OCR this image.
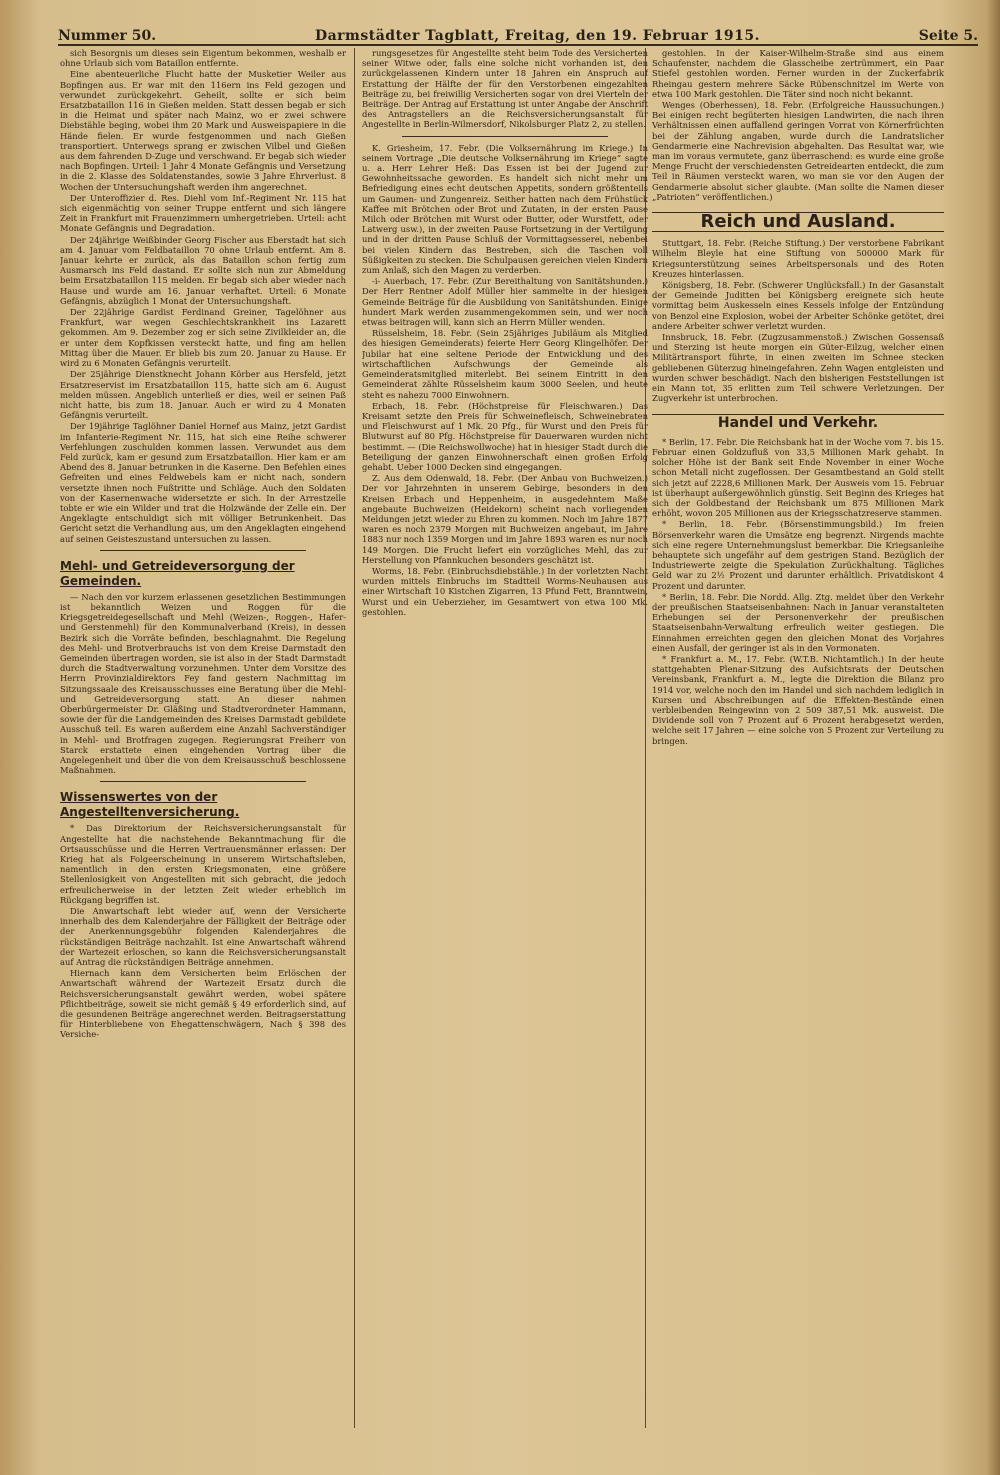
Nummer 50.	Darmstädter Tagblatt, Freitag, den 19. Februar 1915.	Seite 5.

sich Besorgnis um dieses sein Eigentum bekommen, weshalb er ohne Urlaub sich vom Bataillon entfernte.

Eine abenteuerliche Flucht hatte der Musketier Weiler aus Bopfingen aus. Er war mit den 116ern ins Feld gezogen und verwundet zurückgekehrt. Geheilt, sollte er sich beim Ersatzbataillon 116 in Gießen melden. Statt dessen begab er sich in die Heimat und später nach Mainz, wo er zwei schwere Diebstähle beging, wobei ihm 20 Mark und Ausweispapiere in die Hände fielen. Er wurde festgenommen und nach Gießen transportiert. Unterwegs sprang er zwischen Vilbel und Gießen aus dem fahrenden D-Zuge und verschwand. Er begab sich wieder nach Bopfingen. Urteil: 1 Jahr 4 Monate Gefängnis und Versetzung in die 2. Klasse des Soldatenstandes, sowie 3 Jahre Ehrverlust. 8 Wochen der Untersuchungshaft werden ihm angerechnet.

Der Unteroffizier d. Res. Diehl vom Inf.-Regiment Nr. 115 hat sich eigenmächtig von seiner Truppe entfernt und sich längere Zeit in Frankfurt mit Frauenzimmern umhergetrieben. Urteil: acht Monate Gefängnis und Degradation.

Der 24jährige Weißbinder Georg Fischer aus Eberstadt hat sich am 4. Januar vom Feldbataillon 70 ohne Urlaub entfernt. Am 8. Januar kehrte er zurück, als das Bataillon schon fertig zum Ausmarsch ins Feld dastand. Er sollte sich nun zur Abmeldung beim Ersatzbataillon 115 melden. Er begab sich aber wieder nach Hause und wurde am 16. Januar verhaftet. Urteil: 6 Monate Gefängnis, abzüglich 1 Monat der Untersuchungshaft.

Der 22jährige Gardist Ferdinand Greiner, Tagelöhner aus Frankfurt, war wegen Geschlechtskrankheit ins Lazarett gekommen. Am 9. Dezember zog er sich seine Zivilkleider an, die er unter dem Kopfkissen versteckt hatte, und fing am hellen Mittag über die Mauer. Er blieb bis zum 20. Januar zu Hause. Er wird zu 6 Monaten Gefängnis verurteilt.

Der 25jährige Dienstknecht Johann Körber aus Hersfeld, jetzt Ersatzreservist im Ersatzbataillon 115, hatte sich am 6. August melden müssen. Angeblich unterließ er dies, weil er seinen Paß nicht hatte, bis zum 18. Januar. Auch er wird zu 4 Monaten Gefängnis verurteilt.

Der 19jährige Taglöhner Daniel Hornef aus Mainz, jetzt Gardist im Infanterie-Regiment Nr. 115, hat sich eine Reihe schwerer Verfehlungen zuschulden kommen lassen. Verwundet aus dem Feld zurück, kam er gesund zum Ersatzbataillon. Hier kam er am Abend des 8. Januar betrunken in die Kaserne. Den Befehlen eines Gefreiten und eines Feldwebels kam er nicht nach, sondern versetzte ihnen noch Fußtritte und Schläge. Auch den Soldaten von der Kasernenwache widersetzte er sich. In der Arrestzelle tobte er wie ein Wilder und trat die Holzwände der Zelle ein. Der Angeklagte entschuldigt sich mit völliger Betrunkenheit. Das Gericht setzt die Verhandlung aus, um den Angeklagten eingehend auf seinen Geisteszustand untersuchen zu lassen.

Mehl- und Getreideversorgung der Gemeinden.

— Nach den vor kurzem erlassenen gesetzlichen Bestimmungen ist bekanntlich Weizen und Roggen für die Kriegsgetreidegesellschaft und Mehl (Weizen-, Roggen-, Hafer- und Gerstenmehl) für den Kommunalverband (Kreis), in dessen Bezirk sich die Vorräte befinden, beschlagnahmt. Die Regelung des Mehl- und Brotverbrauchs ist von dem Kreise Darmstadt den Gemeinden übertragen worden, sie ist also in der Stadt Darmstadt durch die Stadtverwaltung vorzunehmen. Unter dem Vorsitze des Herrn Provinzialdirektors Fey fand gestern Nachmittag im Sitzungssaale des Kreisausschusses eine Beratung über die Mehl- und Getreideversorgung statt. An dieser nahmen Oberbürgermeister Dr. Gläßing und Stadtverordneter Hammann, sowie der für die Landgemeinden des Kreises Darmstadt gebildete Ausschuß teil. Es waren außerdem eine Anzahl Sachverständiger in Mehl- und Brotfragen zugegen. Regierungsrat Freiherr von Starck erstattete einen eingehenden Vortrag über die Angelegenheit und über die von dem Kreisausschuß beschlossene Maßnahmen.

Wissenswertes von der Angestelltenversicherung.

* Das Direktorium der Reichsversicherungsanstalt für Angestellte hat die nachstehende Bekanntmachung für die Ortsausschüsse und die Herren Vertrauensmänner erlassen: Der Krieg hat als Folgeerscheinung in unserem Wirtschaftsleben, namentlich in den ersten Kriegsmonaten, eine größere Stellenlosigkeit von Angestellten mit sich gebracht, die jedoch erfreulicherweise in der letzten Zeit wieder erheblich im Rückgang begriffen ist.

Die Anwartschaft lebt wieder auf, wenn der Versicherte innerhalb des dem Kalenderjahre der Fälligkeit der Beiträge oder der Anerkennungsgebühr folgenden Kalenderjahres die rückständigen Beiträge nachzahlt. Ist eine Anwartschaft während der Wartezeit erloschen, so kann die Reichsversicherungsanstalt auf Antrag die rückständigen Beiträge annehmen.

Hiernach kann dem Versicherten beim Erlöschen der Anwartschaft während der Wartezeit Ersatz durch die Reichsversicherungsanstalt gewährt werden, wobei spätere Pflichtbeiträge, soweit sie nicht gemäß § 49 erforderlich sind, auf die gesundenen Beiträge angerechnet werden. Beitragserstattung für Hinterbliebene von Ehegattenschwägern, Nach § 398 des Versiche-

rungsgesetzes für Angestellte steht beim Tode des Versicherten seiner Witwe oder, falls eine solche nicht vorhanden ist, den zurückgelassenen Kindern unter 18 Jahren ein Anspruch auf Erstattung der Hälfte der für den Verstorbenen eingezahlten Beiträge zu, bei freiwillig Versicherten sogar von drei Vierteln der Beiträge. Der Antrag auf Erstattung ist unter Angabe der Anschrift des Antragstellers an die Reichsversicherungsanstalt für Angestellte in Berlin-Wilmersdorf, Nikolsburger Platz 2, zu stellen.

K. Griesheim, 17. Febr. (Die Volksernährung im Kriege.) In seinem Vortrage „Die deutsche Volksernährung im Kriege“ sagte u. a. Herr Lehrer Heß: Das Essen ist bei der Jugend zur Gewohnheitssache geworden. Es handelt sich nicht mehr um Befriedigung eines echt deutschen Appetits, sondern größtenteils um Gaumen- und Zungenreiz. Seither hatten nach dem Frühstück Kaffee mit Brötchen oder Brot und Zutaten, in der ersten Pause Milch oder Brötchen mit Wurst oder Butter, oder Wurstfett, oder Latwerg usw.), in der zweiten Pause Fortsetzung in der Vertilgung und in der dritten Pause Schluß der Vormittagsesserei, nebenbei bei vielen Kindern das Bestreben, sich die Taschen voll Süßigkeiten zu stecken. Die Schulpausen gereichen vielen Kindern zum Anlaß, sich den Magen zu verderben.

-i- Auerbach, 17. Febr. (Zur Bereithaltung von Sanitätshunden.) Der Herr Rentner Adolf Müller hier sammelte in der hiesigen Gemeinde Beiträge für die Ausbildung von Sanitätshunden. Einige hundert Mark werden zusammengekommen sein, und wer noch etwas beitragen will, kann sich an Herrn Müller wenden.

Rüsselsheim, 18. Febr. (Sein 25jähriges Jubiläum als Mitglied des hiesigen Gemeinderats) feierte Herr Georg Klingelhöfer. Der Jubilar hat eine seltene Periode der Entwicklung und des wirtschaftlichen Aufschwungs der Gemeinde als Gemeinderatsmitglied miterlebt. Bei seinem Eintritt in den Gemeinderat zählte Rüsselsheim kaum 3000 Seelen, und heute steht es nahezu 7000 Einwohnern.

Erbach, 18. Febr. (Höchstpreise für Fleischwaren.) Das Kreisamt setzte den Preis für Schweinefleisch, Schweinebraten und Fleischwurst auf 1 Mk. 20 Pfg., für Wurst und den Preis für Blutwurst auf 80 Pfg. Höchstpreise für Dauerwaren wurden nicht bestimmt. — (Die Reichswollwoche) hat in hiesiger Stadt durch die Beteiligung der ganzen Einwohnerschaft einen großen Erfolg gehabt. Ueber 1000 Decken sind eingegangen.

Z. Aus dem Odenwald, 18. Febr. (Der Anbau von Buchweizen.) Der vor Jahrzehnten in unserem Gebirge, besonders in den Kreisen Erbach und Heppenheim, in ausgedehntem Maße angebaute Buchweizen (Heidekorn) scheint nach vorliegenden Meldungen jetzt wieder zu Ehren zu kommen. Noch im Jahre 1877 waren es noch 2379 Morgen mit Buchweizen angebaut, im Jahre 1883 nur noch 1359 Morgen und im Jahre 1893 waren es nur noch 149 Morgen. Die Frucht liefert ein vorzügliches Mehl, das zur Herstellung von Pfannkuchen besonders geschätzt ist.

Worms, 18. Febr. (Einbruchsdiebstähle.) In der vorletzten Nacht wurden mittels Einbruchs im Stadtteil Worms-Neuhausen aus einer Wirtschaft 10 Kistchen Zigarren, 13 Pfund Fett, Branntwein, Wurst und ein Ueberzieher, im Gesamtwert von etwa 100 Mk. gestohlen.

gestohlen. In der Kaiser-Wilhelm-Straße sind aus einem Schaufenster, nachdem die Glasscheibe zertrümmert, ein Paar Stiefel gestohlen worden. Ferner wurden in der Zuckerfabrik Rheingau gestern mehrere Säcke Rübenschnitzel im Werte von etwa 100 Mark gestohlen. Die Täter sind noch nicht bekannt.

Wenges (Oberhessen), 18. Febr. (Erfolgreiche Haussuchungen.) Bei einigen recht begüterten hiesigen Landwirten, die nach ihren Verhältnissen einen auffallend geringen Vorrat von Körnerfrüchten bei der Zählung angaben, wurde durch die Landratslicher Gendarmerie eine Nachrevision abgehalten. Das Resultat war, wie man im voraus vermutete, ganz überraschend: es wurde eine große Menge Frucht der verschiedensten Getreidearten entdeckt, die zum Teil in Räumen versteckt waren, wo man sie vor den Augen der Gendarmerie absolut sicher glaubte. (Man sollte die Namen dieser „Patrioten“ veröffentlichen.)

Reich und Ausland.

Stuttgart, 18. Febr. (Reiche Stiftung.) Der verstorbene Fabrikant Wilhelm Bleyle hat eine Stiftung von 500000 Mark für Kriegsunterstützung seines Arbeitspersonals und des Roten Kreuzes hinterlassen.

Königsberg, 18. Febr. (Schwerer Unglücksfall.) In der Gasanstalt der Gemeinde Juditten bei Königsberg ereignete sich heute vormittag beim Auskesseln eines Kessels infolge der Entzündung von Benzol eine Explosion, wobei der Arbeiter Schönke getötet, drei andere Arbeiter schwer verletzt wurden.

Innsbruck, 18. Febr. (Zugzusammenstoß.) Zwischen Gossensaß und Sterzing ist heute morgen ein Güter-Eilzug, welcher einen Militärtransport führte, in einen zweiten im Schnee stecken gebliebenen Güterzug hineingefahren. Zehn Wagen entgleisten und wurden schwer beschädigt. Nach den bisherigen Feststellungen ist ein Mann tot, 35 erlitten zum Teil schwere Verletzungen. Der Zugverkehr ist unterbrochen.

Handel und Verkehr.

* Berlin, 17. Febr. Die Reichsbank hat in der Woche vom 7. bis 15. Februar einen Goldzufluß von 33,5 Millionen Mark gehabt. In solcher Höhe ist der Bank seit Ende November in einer Woche schon Metall nicht zugeflossen. Der Gesamtbestand an Gold stellt sich jetzt auf 2228,6 Millionen Mark. Der Ausweis vom 15. Februar ist überhaupt außergewöhnlich günstig. Seit Beginn des Krieges hat sich der Goldbestand der Reichsbank um 875 Millionen Mark erhöht, wovon 205 Millionen aus der Kriegsschatzreserve stammen.

* Berlin, 18. Febr. (Börsenstimmungsbild.) Im freien Börsenverkehr waren die Umsätze eng begrenzt. Nirgends machte sich eine regere Unternehmungslust bemerkbar. Die Kriegsanleihe behauptete sich ungefähr auf dem gestrigen Stand. Bezüglich der Industriewerte zeigte die Spekulation Zurückhaltung. Tägliches Geld war zu 2½ Prozent und darunter erhältlich. Privatdiskont 4 Prozent und darunter.

* Berlin, 18. Febr. Die Nordd. Allg. Ztg. meldet über den Verkehr der preußischen Staatseisenbahnen: Nach in Januar veranstalteten Erhebungen sei der Personenverkehr der preußischen Staatseisenbahn-Verwaltung erfreulich weiter gestiegen. Die Einnahmen erreichten gegen den gleichen Monat des Vorjahres einen Ausfall, der geringer ist als in den Vormonaten.

* Frankfurt a. M., 17. Febr. (W.T.B. Nichtamtlich.) In der heute stattgehabten Plenar-Sitzung des Aufsichtsrats der Deutschen Vereinsbank, Frankfurt a. M., legte die Direktion die Bilanz pro 1914 vor, welche noch den im Handel und sich nachdem lediglich in Kursen und Abschreibungen auf die Effekten-Bestände einen verbleibenden Reingewinn von 2 509 387,51 Mk. ausweist. Die Dividende soll von 7 Prozent auf 6 Prozent herabgesetzt werden, welche seit 17 Jahren — eine solche von 5 Prozent zur Verteilung zu bringen.
